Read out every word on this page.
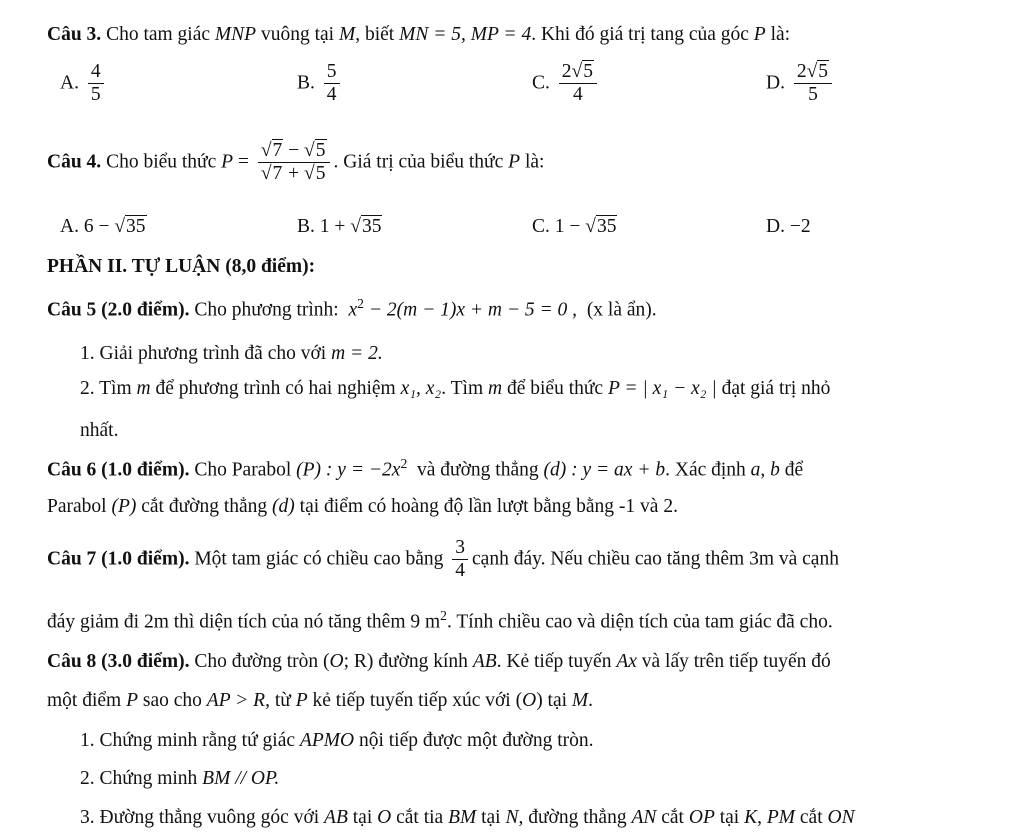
Câu 3. Cho tam giác MNP vuông tại M, biết MN = 5, MP = 4. Khi đó giá trị tang của góc P là:
A. $\frac{4}{5}$	B. $\frac{5}{4}$	C. $\frac{2√5}{4}$	D. $\frac{2√5}{5}$
Câu 4. Cho biểu thức $P = \frac{√7 - √5}{√7 + √5}$ . Giá trị của biểu thức P là:
A. 6 − √35	B. 1 + √35	C. 1 − √35	D. −2
PHẦN II. TỰ LUẬN (8,0 điểm):
Câu 5 (2.0 điểm). Cho phương trình: $x^2 - 2(m - 1)x + m - 5 = 0$ , (x là ẩn).
1. Giải phương trình đã cho với m = 2.
2. Tìm m để phương trình có hai nghiệm x₁, x₂. Tìm m để biểu thức P = | x₁ − x₂ | đạt giá trị nhỏ
nhất.
Câu 6 (1.0 điểm). Cho Parabol (P) : $y = -2x^2$ và đường thẳng (d) : y = ax + b. Xác định a, b để
Parabol (P) cắt đường thẳng (d) tại điểm có hoàng độ lần lượt bằng bằng -1 và 2.
Câu 7 (1.0 điểm). Một tam giác có chiều cao bằng $\frac{3}{4}$ cạnh đáy. Nếu chiều cao tăng thêm 3m và cạnh
đáy giảm đi 2m thì diện tích của nó tăng thêm 9 $m^2$. Tính chiều cao và diện tích của tam giác đã cho.
Câu 8 (3.0 điểm). Cho đường tròn (O; R) đường kính AB. Kẻ tiếp tuyến Ax và lấy trên tiếp tuyến đó
một điểm P sao cho AP > R, từ P kẻ tiếp tuyến tiếp xúc với (O) tại M.
1. Chứng minh rằng tứ giác APMO nội tiếp được một đường tròn.
2. Chứng minh BM // OP.
3. Đường thẳng vuông góc với AB tại O cắt tia BM tại N, đường thẳng AN cắt OP tại K, PM cắt ON
